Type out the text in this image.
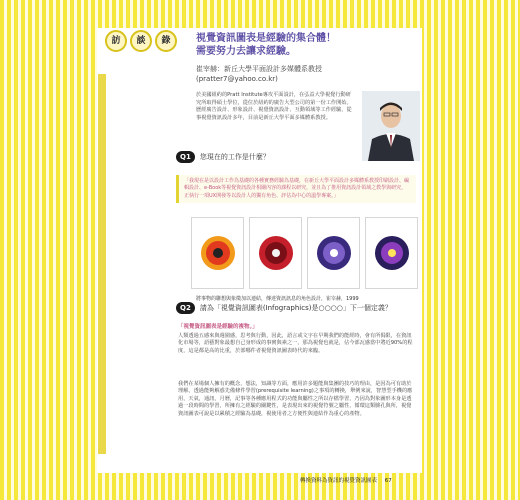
訪	談	錄	視覺資訊圖表是經驗的集合體！
需要努力去讓求經驗。
崔宰赫：新丘大學平面設計多媒體系教授
(pratter7@yahoo.co.kr)
於美國紐約的Pratt Institute專攻平面設計，在弘益大學視覺行動研究所取得碩士學位，從位於紐約的廣告大型公司的第一份工作開始。歷經廣告設計、形象設計、視覺資訊設計、互動領域等工作經驗，從事視覺資訊設計多年，目前是新丘大學平面多媒體系教授。
Q1	您現在的工作是什麼？
「我現在是以設計工作為基礎的各種實務經驗為基礎，在新丘大學平面設計多媒體系教授印刷設計、編輯設計、e-Book等視覺資訊設計相關內容的課程以研究，並且為了推用資訊設計領域之教學與研究，正執行一項UX開發等以設計人的獨有角色、評估為中心的溫學專案。」
將事物的聯想與象徵加以連結，傳達資訊訊息的角色設計，崔宰赫，1999
Q2	請為「視覺資訊圖表(Infographics)是○○○○」下一個定義？
「視覺資訊圖表是經驗的複物。」
人類透過五感來與週圍感，思考與行動，因此，語言或文字在早期我們的能經時，會有所侷限，在資訊化市場等，語藝對象最想自己身形成的事實與素之一，那為視覺也就是，佔今部瓦感當中將近90%的程度，這是都是高的比重，於部哪件者視覺資訊圖表時代的來臨。
我們在某場個人擁有的概念，想法，知識等方面，應用許多題能與集團的技巧的理由，是因為可有助於理解，透過能夠解惑先備條件學習(prerequisite learning)之事項的轉換，舉例來說，智慧型手機的應用，天氣，通訊，月曆，記事等各種應用程式的功能與屬性之所以存檔學習，乃因為對象圖形本身是透過一段時間的學習，所擁有之經驗的關鍵性，是表現出來的視覺符號之屬性，循環這類臉孔與所，視覺資訊圖表可說是以累積之經驗為基礎，視使用者之方便性與連結作為重心的產物。
轉換資料為資訊的視覺資訊圖表 67
